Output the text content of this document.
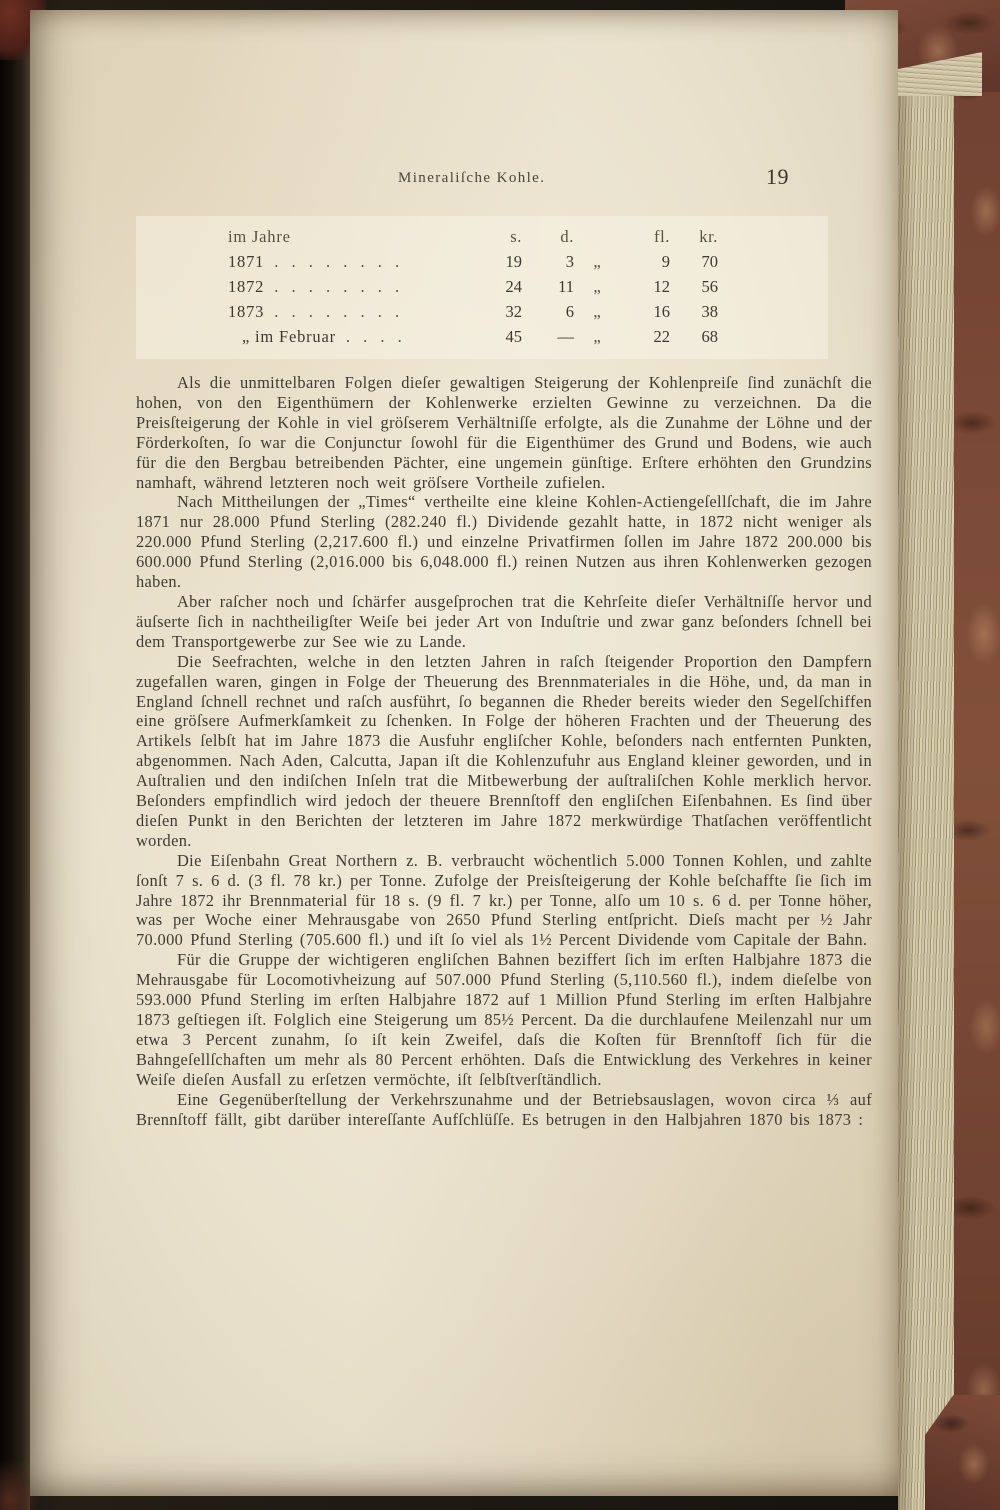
Mineraliſche Kohle.	19
im Jahre	s.	d.		fl.	kr.
1871 . . . . . . . .	19	3	„	9	70
1872 . . . . . . . .	24	11	„	12	56
1873 . . . . . . . .	32	6	„	16	38
„ im Februar . . . .	45	—	„	22	68

Als die unmittelbaren Folgen dieſer gewaltigen Steigerung der Kohlenpreiſe ſind zunächſt die hohen, von den Eigenthümern der Kohlenwerke erzielten Gewinne zu verzeichnen. Da die Preisſteigerung der Kohle in viel gröſserem Verhältniſſe erfolgte, als die Zunahme der Löhne und der Förderkoſten, ſo war die Conjunctur ſowohl für die Eigenthümer des Grund und Bodens, wie auch für die den Bergbau betreibenden Pächter, eine ungemein günſtige. Erſtere erhöhten den Grundzins namhaft, während letzteren noch weit gröſsere Vortheile zufielen.

Nach Mittheilungen der „Times“ vertheilte eine kleine Kohlen-Actiengeſellſchaft, die im Jahre 1871 nur 28.000 Pfund Sterling (282.240 fl.) Dividende gezahlt hatte, in 1872 nicht weniger als 220.000 Pfund Sterling (2,217.600 fl.) und einzelne Privatfirmen ſollen im Jahre 1872 200.000 bis 600.000 Pfund Sterling (2,016.000 bis 6,048.000 fl.) reinen Nutzen aus ihren Kohlenwerken gezogen haben.

Aber raſcher noch und ſchärfer ausgeſprochen trat die Kehrſeite dieſer Verhältniſſe hervor und äuſserte ſich in nachtheiligſter Weiſe bei jeder Art von Induſtrie und zwar ganz beſonders ſchnell bei dem Transportgewerbe zur See wie zu Lande.

Die Seefrachten, welche in den letzten Jahren in raſch ſteigender Proportion den Dampfern zugefallen waren, gingen in Folge der Theuerung des Brennmateriales in die Höhe, und, da man in England ſchnell rechnet und raſch ausführt, ſo begannen die Rheder bereits wieder den Segelſchiffen eine gröſsere Aufmerkſamkeit zu ſchenken. In Folge der höheren Frachten und der Theuerung des Artikels ſelbſt hat im Jahre 1873 die Ausfuhr engliſcher Kohle, beſonders nach entfernten Punkten, abgenommen. Nach Aden, Calcutta, Japan iſt die Kohlenzufuhr aus England kleiner geworden, und in Auſtralien und den indiſchen Inſeln trat die Mitbewerbung der auſtraliſchen Kohle merklich hervor. Beſonders empfindlich wird jedoch der theuere Brennſtoff den engliſchen Eiſenbahnen. Es ſind über dieſen Punkt in den Berichten der letzteren im Jahre 1872 merkwürdige Thatſachen veröffentlicht worden.

Die Eiſenbahn Great Northern z. B. verbraucht wöchentlich 5.000 Tonnen Kohlen, und zahlte ſonſt 7 s. 6 d. (3 fl. 78 kr.) per Tonne. Zufolge der Preisſteigerung der Kohle beſchaffte ſie ſich im Jahre 1872 ihr Brennmaterial für 18 s. (9 fl. 7 kr.) per Tonne, alſo um 10 s. 6 d. per Tonne höher, was per Woche einer Mehrausgabe von 2650 Pfund Sterling entſpricht. Dieſs macht per ½ Jahr 70.000 Pfund Sterling (705.600 fl.) und iſt ſo viel als 1½ Percent Dividende vom Capitale der Bahn.

Für die Gruppe der wichtigeren engliſchen Bahnen beziffert ſich im erſten Halbjahre 1873 die Mehrausgabe für Locomotivheizung auf 507.000 Pfund Sterling (5,110.560 fl.), indem dieſelbe von 593.000 Pfund Sterling im erſten Halbjahre 1872 auf 1 Million Pfund Sterling im erſten Halbjahre 1873 geſtiegen iſt. Folglich eine Steigerung um 85½ Percent. Da die durchlaufene Meilenzahl nur um etwa 3 Percent zunahm, ſo iſt kein Zweifel, daſs die Koſten für Brennſtoff ſich für die Bahngeſellſchaften um mehr als 80 Percent erhöhten. Daſs die Entwicklung des Verkehres in keiner Weiſe dieſen Ausfall zu erſetzen vermöchte, iſt ſelbſtverſtändlich.

Eine Gegenüberſtellung der Verkehrszunahme und der Betriebsauslagen, wovon circa ⅓ auf Brennſtoff fällt, gibt darüber intereſſante Aufſchlüſſe. Es betrugen in den Halbjahren 1870 bis 1873 :
